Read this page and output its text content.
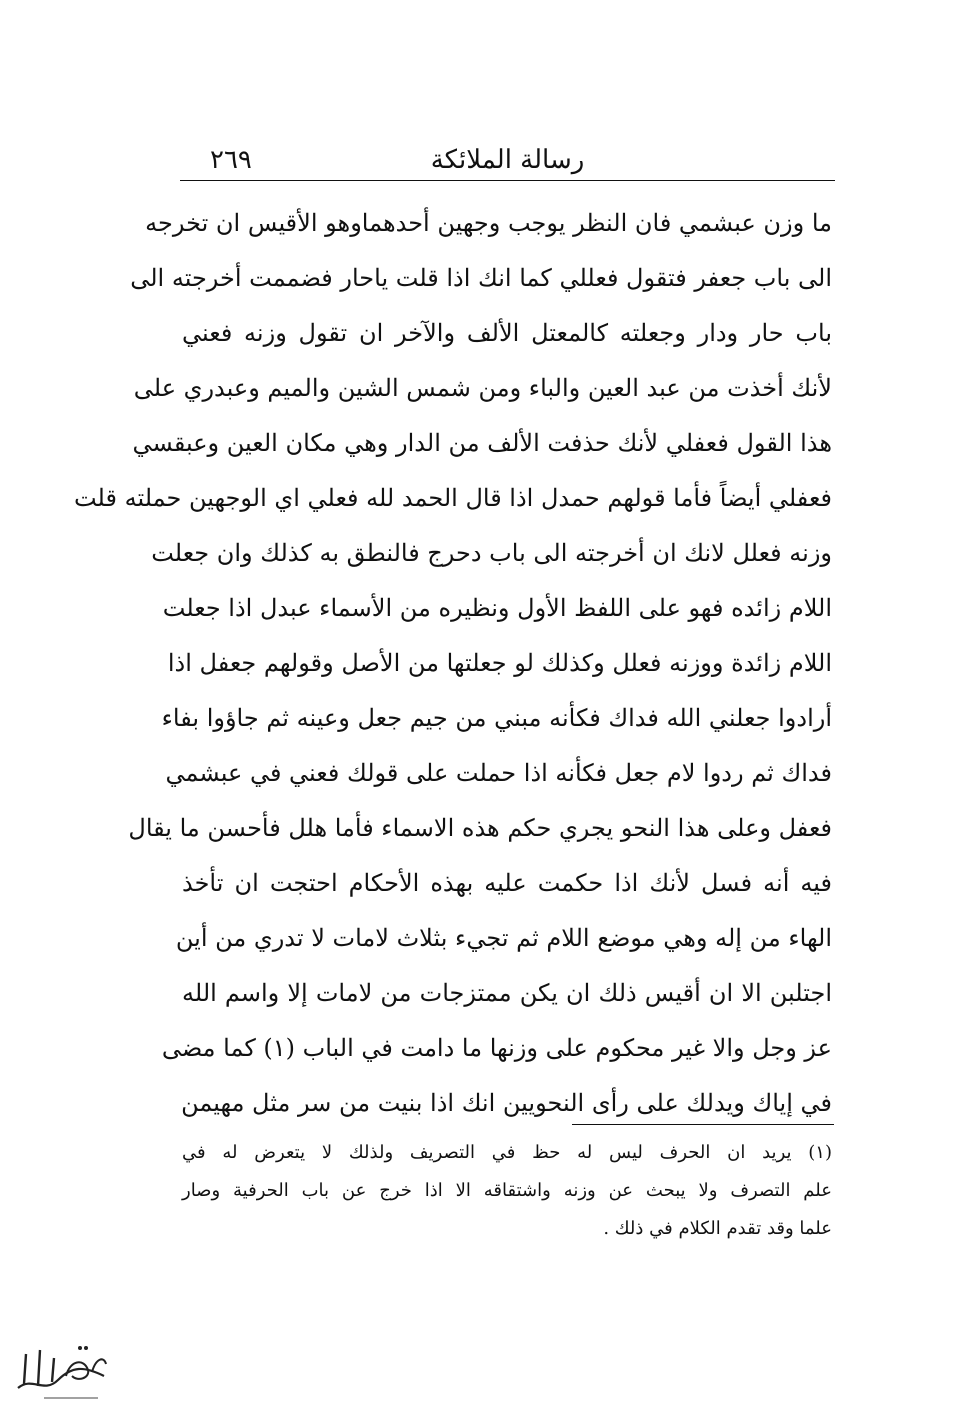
رسالة الملائكة
٢٦٩
ما وزن عبشمي فان النظر يوجب وجهين أحدهماوهو الأقيس ان تخرجه
الى باب جعفر فتقول فعللي كما انك اذا قلت ياحار فضممت أخرجته الى
باب حار ودار وجعلته كالمعتل الألف والآخر ان تقول وزنه فعني
لأنك أخذت من عبد العين والباء ومن شمس الشين والميم وعبدري على
هذا القول فعفلي لأنك حذفت الألف من الدار وهي مكان العين وعبقسي
فعفلي أيضاً فأما قولهم حمدل اذا قال الحمد لله فعلي اي الوجهين حملته قلت
وزنه فعلل لانك ان أخرجته الى باب دحرج فالنطق به كذلك وان جعلت
اللام زائده فهو على اللفظ الأول ونظيره من الأسماء عبدل اذا جعلت
اللام زائدة ووزنه فعلل وكذلك لو جعلتها من الأصل وقولهم جعفل اذا
أرادوا جعلني الله فداك فكأنه مبني من جيم جعل وعينه ثم جاؤوا بفاء
فداك ثم ردوا لام جعل فكأنه اذا حملت على قولك فعني في عبشمي
فعفل وعلى هذا النحو يجري حكم هذه الاسماء فأما هلل فأحسن ما يقال
فيه أنه فسل لأنك اذا حكمت عليه بهذه الأحكام احتجت ان تأخذ
الهاء من إله وهي موضع اللام ثم تجيء بثلاث لامات لا تدري من أين
اجتلبن الا ان أقيس ذلك ان يكن ممتزجات من لامات إلا واسم الله
عز وجل والا غير محكوم على وزنها ما دامت في الباب (١) كما مضى
في إياك ويدلك على رأى النحويين انك اذا بنيت من سر مثل مهيمن
(١) يريد ان الحرف ليس له حظ في التصريف ولذلك لا يتعرض له في
علم التصرف ولا يبحث عن وزنه واشتقاقه الا اذا خرج عن باب الحرفية وصار
علما وقد تقدم الكلام في ذلك .
